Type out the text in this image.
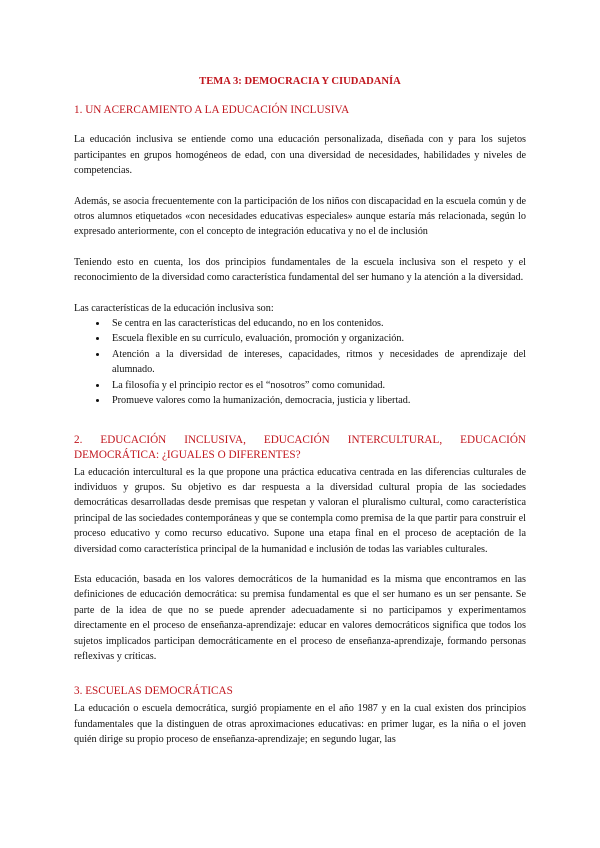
TEMA 3: DEMOCRACIA Y CIUDADANÍA
1. UN ACERCAMIENTO A LA EDUCACIÓN INCLUSIVA

La educación inclusiva se entiende como una educación personalizada, diseñada con y para los sujetos participantes en grupos homogéneos de edad, con una diversidad de necesidades, habilidades y niveles de competencias.

Además, se asocia frecuentemente con la participación de los niños con discapacidad en la escuela común y de otros alumnos etiquetados «con necesidades educativas especiales» aunque estaría más relacionada, según lo expresado anteriormente, con el concepto de integración educativa y no el de inclusión

Teniendo esto en cuenta, los dos principios fundamentales de la escuela inclusiva son el respeto y el reconocimiento de la diversidad como característica fundamental del ser humano y la atención a la diversidad.

Las características de la educación inclusiva son:

• Se centra en las características del educando, no en los contenidos.
• Escuela flexible en su currículo, evaluación, promoción y organización.
• Atención a la diversidad de intereses, capacidades, ritmos y necesidades de aprendizaje del alumnado.
• La filosofía y el principio rector es el “nosotros” como comunidad.
• Promueve valores como la humanización, democracia, justicia y libertad.
2. EDUCACIÓN INCLUSIVA, EDUCACIÓN INTERCULTURAL, EDUCACIÓN DEMOCRÁTICA: ¿IGUALES O DIFERENTES?

La educación intercultural es la que propone una práctica educativa centrada en las diferencias culturales de individuos y grupos. Su objetivo es dar respuesta a la diversidad cultural propia de las sociedades democráticas desarrolladas desde premisas que respetan y valoran el pluralismo cultural, como característica principal de las sociedades contemporáneas y que se contempla como premisa de la que partir para construir el proceso educativo y como recurso educativo. Supone una etapa final en el proceso de aceptación de la diversidad como característica principal de la humanidad e inclusión de todas las variables culturales.

Esta educación, basada en los valores democráticos de la humanidad es la misma que encontramos en las definiciones de educación democrática: su premisa fundamental es que el ser humano es un ser pensante. Se parte de la idea de que no se puede aprender adecuadamente si no participamos y experimentamos directamente en el proceso de enseñanza-aprendizaje: educar en valores democráticos significa que todos los sujetos implicados participan democráticamente en el proceso de enseñanza-aprendizaje, formando personas reflexivas y críticas.

3. ESCUELAS DEMOCRÁTICAS

La educación o escuela democrática, surgió propiamente en el año 1987 y en la cual existen dos principios fundamentales que la distinguen de otras aproximaciones educativas: en primer lugar, es la niña o el joven quién dirige su propio proceso de enseñanza-aprendizaje; en segundo lugar, las
